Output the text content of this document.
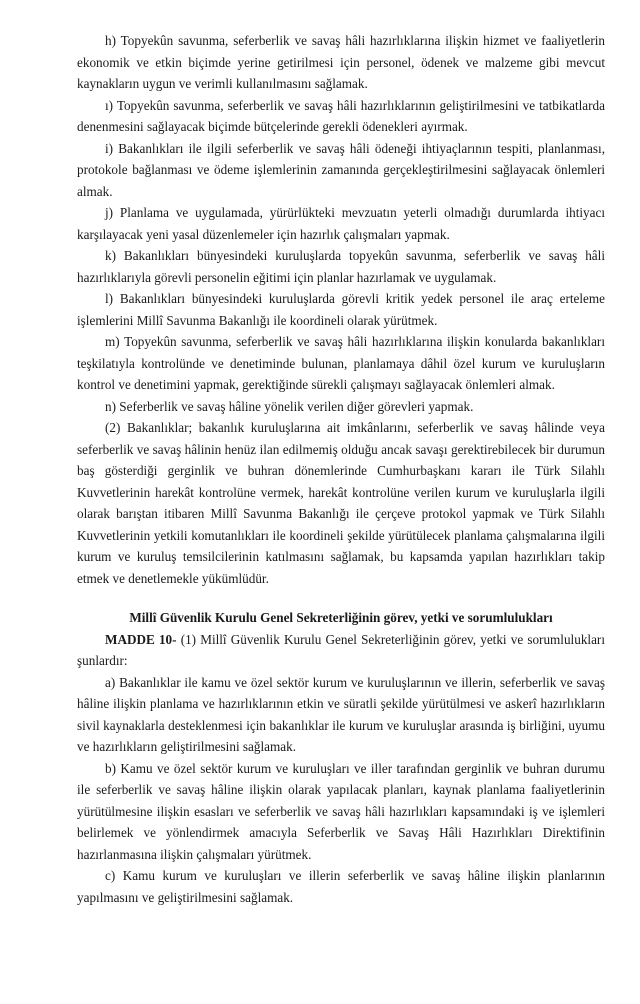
h) Topyekûn savunma, seferberlik ve savaş hâli hazırlıklarına ilişkin hizmet ve faaliyetlerin ekonomik ve etkin biçimde yerine getirilmesi için personel, ödenek ve malzeme gibi mevcut kaynakların uygun ve verimli kullanılmasını sağlamak.

ı) Topyekûn savunma, seferberlik ve savaş hâli hazırlıklarının geliştirilmesini ve tatbikatlarda denenmesini sağlayacak biçimde bütçelerinde gerekli ödenekleri ayırmak.

i) Bakanlıkları ile ilgili seferberlik ve savaş hâli ödeneği ihtiyaçlarının tespiti, planlanması, protokole bağlanması ve ödeme işlemlerinin zamanında gerçekleştirilmesini sağlayacak önlemleri almak.

j) Planlama ve uygulamada, yürürlükteki mevzuatın yeterli olmadığı durumlarda ihtiyacı karşılayacak yeni yasal düzenlemeler için hazırlık çalışmaları yapmak.

k) Bakanlıkları bünyesindeki kuruluşlarda topyekûn savunma, seferberlik ve savaş hâli hazırlıklarıyla görevli personelin eğitimi için planlar hazırlamak ve uygulamak.

l) Bakanlıkları bünyesindeki kuruluşlarda görevli kritik yedek personel ile araç erteleme işlemlerini Millî Savunma Bakanlığı ile koordineli olarak yürütmek.

m) Topyekûn savunma, seferberlik ve savaş hâli hazırlıklarına ilişkin konularda bakanlıkları teşkilatıyla kontrolünde ve denetiminde bulunan, planlamaya dâhil özel kurum ve kuruluşların kontrol ve denetimini yapmak, gerektiğinde sürekli çalışmayı sağlayacak önlemleri almak.

n) Seferberlik ve savaş hâline yönelik verilen diğer görevleri yapmak.

(2) Bakanlıklar; bakanlık kuruluşlarına ait imkânlarını, seferberlik ve savaş hâlinde veya seferberlik ve savaş hâlinin henüz ilan edilmemiş olduğu ancak savaşı gerektirebilecek bir durumun baş gösterdiği gerginlik ve buhran dönemlerinde Cumhurbaşkanı kararı ile Türk Silahlı Kuvvetlerinin harekât kontrolüne vermek, harekât kontrolüne verilen kurum ve kuruluşlarla ilgili olarak barıştan itibaren Millî Savunma Bakanlığı ile çerçeve protokol yapmak ve Türk Silahlı Kuvvetlerinin yetkili komutanlıkları ile koordineli şekilde yürütülecek planlama çalışmalarına ilgili kurum ve kuruluş temsilcilerinin katılmasını sağlamak, bu kapsamda yapılan hazırlıkları takip etmek ve denetlemekle yükümlüdür.

Millî Güvenlik Kurulu Genel Sekreterliğinin görev, yetki ve sorumlulukları

MADDE 10- (1) Millî Güvenlik Kurulu Genel Sekreterliğinin görev, yetki ve sorumlulukları şunlardır:

a) Bakanlıklar ile kamu ve özel sektör kurum ve kuruluşlarının ve illerin, seferberlik ve savaş hâline ilişkin planlama ve hazırlıklarının etkin ve süratli şekilde yürütülmesi ve askerî hazırlıkların sivil kaynaklarla desteklenmesi için bakanlıklar ile kurum ve kuruluşlar arasında iş birliğini, uyumu ve hazırlıkların geliştirilmesini sağlamak.

b) Kamu ve özel sektör kurum ve kuruluşları ve iller tarafından gerginlik ve buhran durumu ile seferberlik ve savaş hâline ilişkin olarak yapılacak planları, kaynak planlama faaliyetlerinin yürütülmesine ilişkin esasları ve seferberlik ve savaş hâli hazırlıkları kapsamındaki iş ve işlemleri belirlemek ve yönlendirmek amacıyla Seferberlik ve Savaş Hâli Hazırlıkları Direktifinin hazırlanmasına ilişkin çalışmaları yürütmek.

c) Kamu kurum ve kuruluşları ve illerin seferberlik ve savaş hâline ilişkin planlarının yapılmasını ve geliştirilmesini sağlamak.
